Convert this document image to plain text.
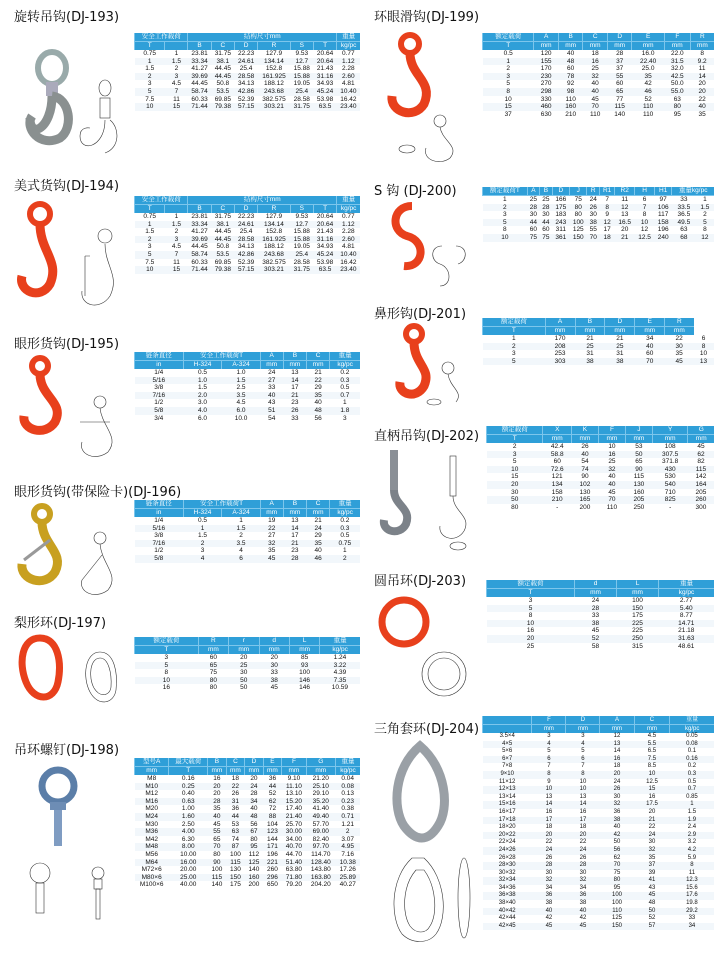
旋转吊钩(DJ-193)
安全工作载荷		结构尺寸mm						重量
T		B	C	D	R	S	T	kg/pc
0.75	1	23.81	31.75	22.23	127.9	9.53	20.64	0.77
1	1.5	33.34	38.1	24.61	134.14	12.7	20.64	1.12
1.5	2	41.27	44.45	25.4	152.8	15.88	21.43	2.28
2	3	39.69	44.45	28.58	161.925	15.88	31.16	2.60
3	4.5	44.45	50.8	34.13	188.12	19.05	34.93	4.81
5	7	58.74	53.5	42.86	243.68	25.4	45.24	10.40
7.5	11	60.33	69.85	52.39	382.575	28.58	53.98	16.42
10	15	71.44	79.38	57.15	303.21	31.75	63.5	23.40
美式货钩(DJ-194)
安全工作载荷		结构尺寸mm						重量
T		B	C	D	R	S	T	kg/pc
0.75	1	23.81	31.75	22.23	127.9	9.53	20.64	0.77
1	1.5	33.34	38.1	24.61	134.14	12.7	20.64	1.12
1.5	2	41.27	44.45	25.4	152.8	15.88	21.43	2.28
2	3	39.69	44.45	28.58	161.925	15.88	31.16	2.60
3	4.5	44.45	50.8	34.13	188.12	19.05	34.93	4.81
5	7	58.74	53.5	42.86	243.68	25.4	45.24	10.40
7.5	11	60.33	69.85	52.39	382.575	28.58	53.98	16.42
10	15	71.44	79.38	57.15	303.21	31.75	63.5	23.40
眼形货钩(DJ-195)
链条直径	安全工作载荷T		A	B	C	重量
in	H-324	A-324	mm	mm	mm	kg/pc
1/4	0.5	1.0	24	13	21	0.2
5/16	1.0	1.5	27	14	22	0.3
3/8	1.5	2.5	33	17	29	0.5
7/16	2.0	3.5	40	21	35	0.7
1/2	3.0	4.5	43	23	40	1
5/8	4.0	6.0	51	26	48	1.8
3/4	6.0	10.0	54	33	56	3
眼形货钩(带保险卡)(DJ-196)
链条直径	安全工作载荷T		A	B	C	重量
in	H-324	A-324	mm	mm	mm	kg/pc
1/4	0.5	1	19	13	21	0.2
5/16	1	1.5	22	14	24	0.3
3/8	1.5	2	27	17	29	0.5
7/16	2	3.5	32	21	35	0.75
1/2	3	4	35	23	40	1
5/8	4	6	45	28	46	2
梨形环(DJ-197)
额定载荷	R	r	d	L	重量
T	mm	mm	mm	mm	kg/pc
3	60	20	20	85	1.24
5	65	25	30	93	3.22
8	75	30	33	100	4.39
10	80	50	38	146	7.35
16	80	50	45	146	10.59
吊环螺钉(DJ-198)
型号A	最大载荷	B	C	D	E	F	G	重量
mm	T	mm	mm	mm	mm	mm	mm	kg/pc
M8	0.16	16	18	20	36	9.10	21.20	0.04
M10	0.25	20	22	24	44	11.10	25.10	0.08
M12	0.40	20	26	28	52	13.10	29.10	0.13
M16	0.63	28	31	34	62	15.20	35.20	0.23
M20	1.00	35	36	40	72	17.40	41.40	0.38
M24	1.60	40	44	48	88	21.40	49.40	0.71
M30	2.50	45	53	56	104	25.70	57.70	1.21
M36	4.00	55	63	67	123	30.00	69.00	2
M42	6.30	65	74	80	144	34.00	82.40	3.07
M48	8.00	70	87	95	171	40.70	97.70	4.95
M56	10.00	80	100	112	196	44.70	114.70	7.16
M64	16.00	90	115	125	221	51.40	128.40	10.38
M72×6	20.00	100	130	140	260	63.80	143.80	17.26
M80×6	25.00	115	150	160	296	71.80	163.80	25.89
M100×6	40.00	140	175	200	650	79.20	204.20	40.27
环眼滑钩(DJ-199)
额定载荷	A	B	C	D	E	F	R
T	mm	mm	mm	mm	mm	mm	mm
0.5	120	40	18	28	16.0	22.0	8
1	155	48	16	37	22.40	31.5	9.2
2	170	60	25	37	25.0	32.0	11
3	230	78	32	55	35	42.5	14
5	270	92	40	60	42	50.0	20
8	298	98	40	65	46	55.0	20
10	330	110	45	77	52	63	22
15	460	160	70	115	110	80	40
37	630	210	110	140	110	95	35
S 钩 (DJ-200)	额定载荷T	A	B	D	J	R	R1	R2	H	H1	重量kg/pc	
1	25	25	166	75	24	7	11	6	97	33	1
2	28	28	175	80	26	8	12	7	106	33.5	1.5
3	30	30	183	80	30	9	13	8	117	36.5	2
5	44	44	243	100	38	12	16.5	10	158	49.5	5
8	60	60	311	125	55	17	20	12	196	63	8
10	75	75	361	150	70	18	21	12.5	240	68	12
鼻形钩(DJ-201)	额定载荷	A	B	D	E	R	
T	mm	mm	mm	mm	mm	
1	170	21	21	34	22	6
2	208	25	25	40	30	8
3	253	31	31	60	35	10
5	303	38	38	70	45	13
直柄吊钩(DJ-202)	额定载荷	X	K	F	J	Y	G
T	mm	mm	mm	mm	mm	mm
2	42.4	26	10	53	108	45
3	58.8	40	16	50	307.5	62
5	60	54	25	65	371.8	82
10	72.6	74	32	90	430	115
15	121	90	40	115	530	142
20	134	102	40	130	540	164
30	158	130	45	160	710	205
50	210	165	70	205	825	260
80	-	200	110	250	-	300
圆吊环(DJ-203)	额定载荷	d	L	重量
T	mm	mm	kg/pc
3	24	100	2.77
5	28	150	5.40
8	33	175	8.77
10	38	225	14.71
16	45	225	21.18
20	52	250	31.63
25	58	315	48.61
三角套环(DJ-204)
	F	D	A	C	重量
	mm	mm	mm	mm	kg/pc
3.5×4	3	3	12	4.5	0.05
4×5	4	4	13	5.5	0.08
5×6	5	5	14	6.5	0.1
6×7	6	6	16	7.5	0.16
7×8	7	7	18	8.5	0.2
9×10	8	8	20	10	0.3
11×12	9	10	24	12.5	0.5
12×13	10	10	26	15	0.7
13×14	13	13	30	16	0.85
15×16	14	14	32	17.5	1
16×17	16	16	36	20	1.5
17×18	17	17	38	21	1.9
18×20	18	18	40	22	2.4
20×22	20	20	42	24	2.9
22×24	22	22	50	30	3.2
24×26	24	24	56	32	4.2
26×28	26	26	62	35	5.9
28×30	28	28	70	37	8
30×32	30	30	75	39	11
32×34	32	32	80	41	12.3
34×36	34	34	95	43	15.6
36×38	36	36	100	45	17.6
38×40	38	38	100	48	19.8
40×42	40	40	110	50	29.2
42×44	42	42	125	52	33
42×45	45	45	150	57	34
